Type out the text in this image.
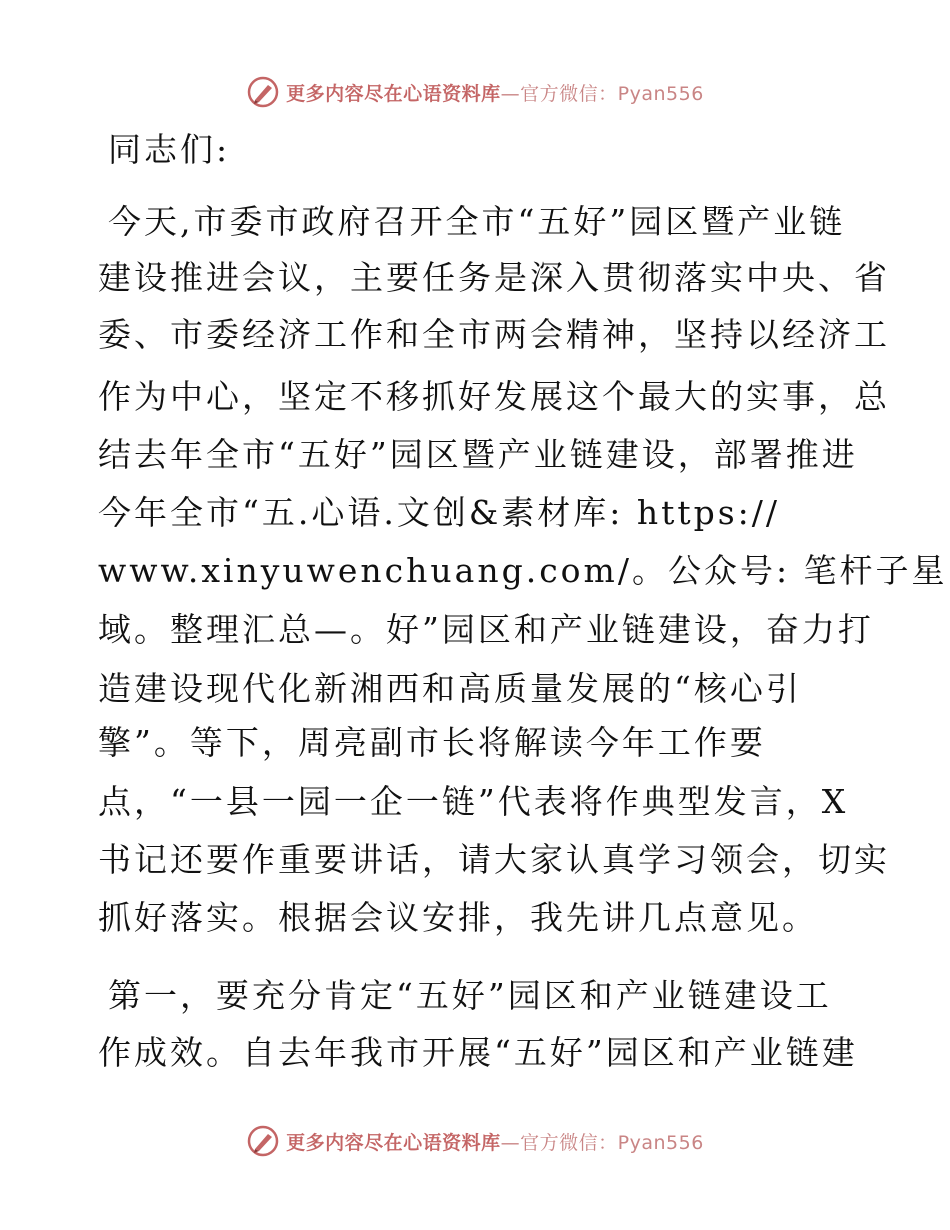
更多内容尽在心语资料库—官方微信：Pyan556
同志们:
今天,市委市政府召开全市“五好”园区暨产业链
建设推进会议，主要任务是深入贯彻落实中央、省
委、市委经济工作和全市两会精神，坚持以经济工
作为中心，坚定不移抓好发展这个最大的实事，总
结去年全市“五好”园区暨产业链建设，部署推进
今年全市“五.心语.文创&素材库: https://
www.xinyuwenchuang.com/。公众号: 笔杆子星
域。整理汇总—。好”园区和产业链建设，奋力打
造建设现代化新湘西和高质量发展的“核心引
擎”。等下，周亮副市长将解读今年工作要
点，“一县一园一企一链”代表将作典型发言，X
书记还要作重要讲话，请大家认真学习领会，切实
抓好落实。根据会议安排，我先讲几点意见。
第一，要充分肯定“五好”园区和产业链建设工
作成效。自去年我市开展“五好”园区和产业链建
更多内容尽在心语资料库—官方微信：Pyan556
